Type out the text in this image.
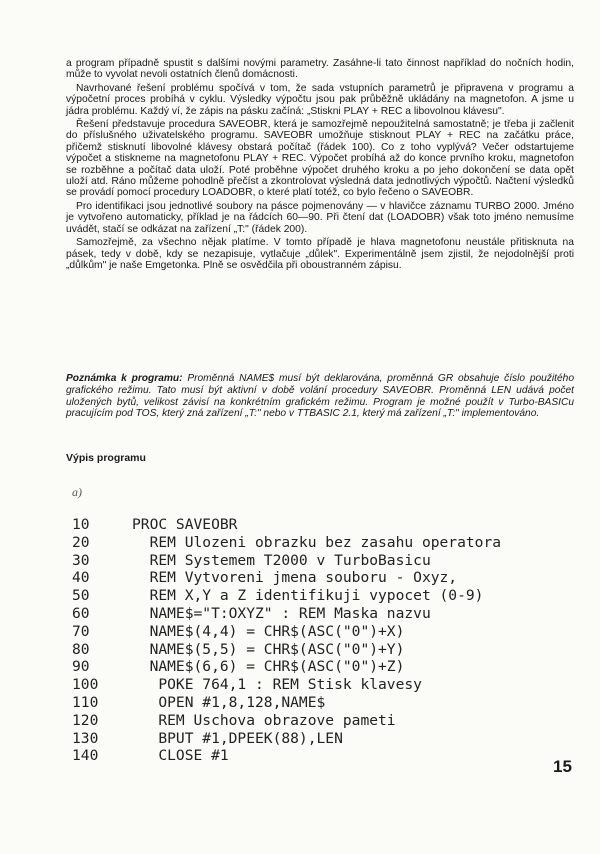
a program případně spustit s dalšími novými parametry. Zasáhne-li tato činnost například do nočních hodin, může to vyvolat nevoli ostatních členů domácnosti.

Navrhované řešení problému spočívá v tom, že sada vstupních parametrů je připravena v programu a výpočetní proces probíhá v cyklu. Výsledky výpočtu jsou pak průběžně ukládány na magnetofon. A jsme u jádra problému. Každý ví, že zápis na pásku začíná: „Stiskni PLAY + REC a libovolnou klávesu".

Řešení představuje procedura SAVEOBR, která je samozřejmě nepoužitelná samostatně; je třeba ji začlenit do příslušného uživatelského programu. SAVEOBR umožňuje stisknout PLAY + REC na začátku práce, přičemž stisknutí libovolné klávesy obstará počítač (řádek 100). Co z toho vyplývá? Večer odstartujeme výpočet a stiskneme na magnetofonu PLAY + REC. Výpočet probíhá až do konce prvního kroku, magnetofon se rozběhne a počítač data uloží. Poté proběhne výpočet druhého kroku a po jeho dokončení se data opět uloží atd. Ráno můžeme pohodlně přečíst a zkontrolovat výsledná data jednotlivých výpočtů. Načtení výsledků se provádí pomocí procedury LOADOBR, o které platí totéž, co bylo řečeno o SAVEOBR.

Pro identifikaci jsou jednotlivé soubory na pásce pojmenovány — v hlavičce záznamu TURBO 2000. Jméno je vytvořeno automaticky, příklad je na řádcích 60—90. Při čtení dat (LOADOBR) však toto jméno nemusíme uvádět, stačí se odkázat na zařízení „T:" (řádek 200).

Samozřejmě, za všechno nějak platíme. V tomto případě je hlava magnetofonu neustále přitisknuta na pásek, tedy v době, kdy se nezapisuje, vytlačuje „důlek". Experimentálně jsem zjistil, že nejodolnější proti „důlkům" je naše Emgetonka. Plně se osvědčila při oboustranném zápisu.

Poznámka k programu: Proměnná NAME$ musí být deklarována, proměnná GR obsahuje číslo použitého grafického režimu. Tato musí být aktivní v době volání procedury SAVEOBR. Proměnná LEN udává počet uložených bytů, velikost závisí na konkrétním grafickém režimu. Program je možné použít v Turbo-BASICu pracujícím pod TOS, který zná zařízení „T:" nebo v TTBASIC 2.1, který má zařízení „T:" implementováno.
Výpis programu
a)
10	PROC SAVEOBR
20	REM Ulozeni obrazku bez zasahu operatora
30	REM Systemem T2000 v TurboBasicu
40	REM Vytvoreni jmena souboru - Oxyz,
50	REM X,Y a Z identifikuji vypocet (0-9)
60	NAME$="T:OXYZ" : REM Maska nazvu
70	NAME$(4,4) = CHR$(ASC("0")+X)
80	NAME$(5,5) = CHR$(ASC("0")+Y)
90	NAME$(6,6) = CHR$(ASC("0")+Z)
100	POKE 764,1 : REM Stisk klavesy
110	OPEN #1,8,128,NAME$
120	REM Uschova obrazove pameti
130	BPUT #1,DPEEK(88),LEN
140	CLOSE #1
15
